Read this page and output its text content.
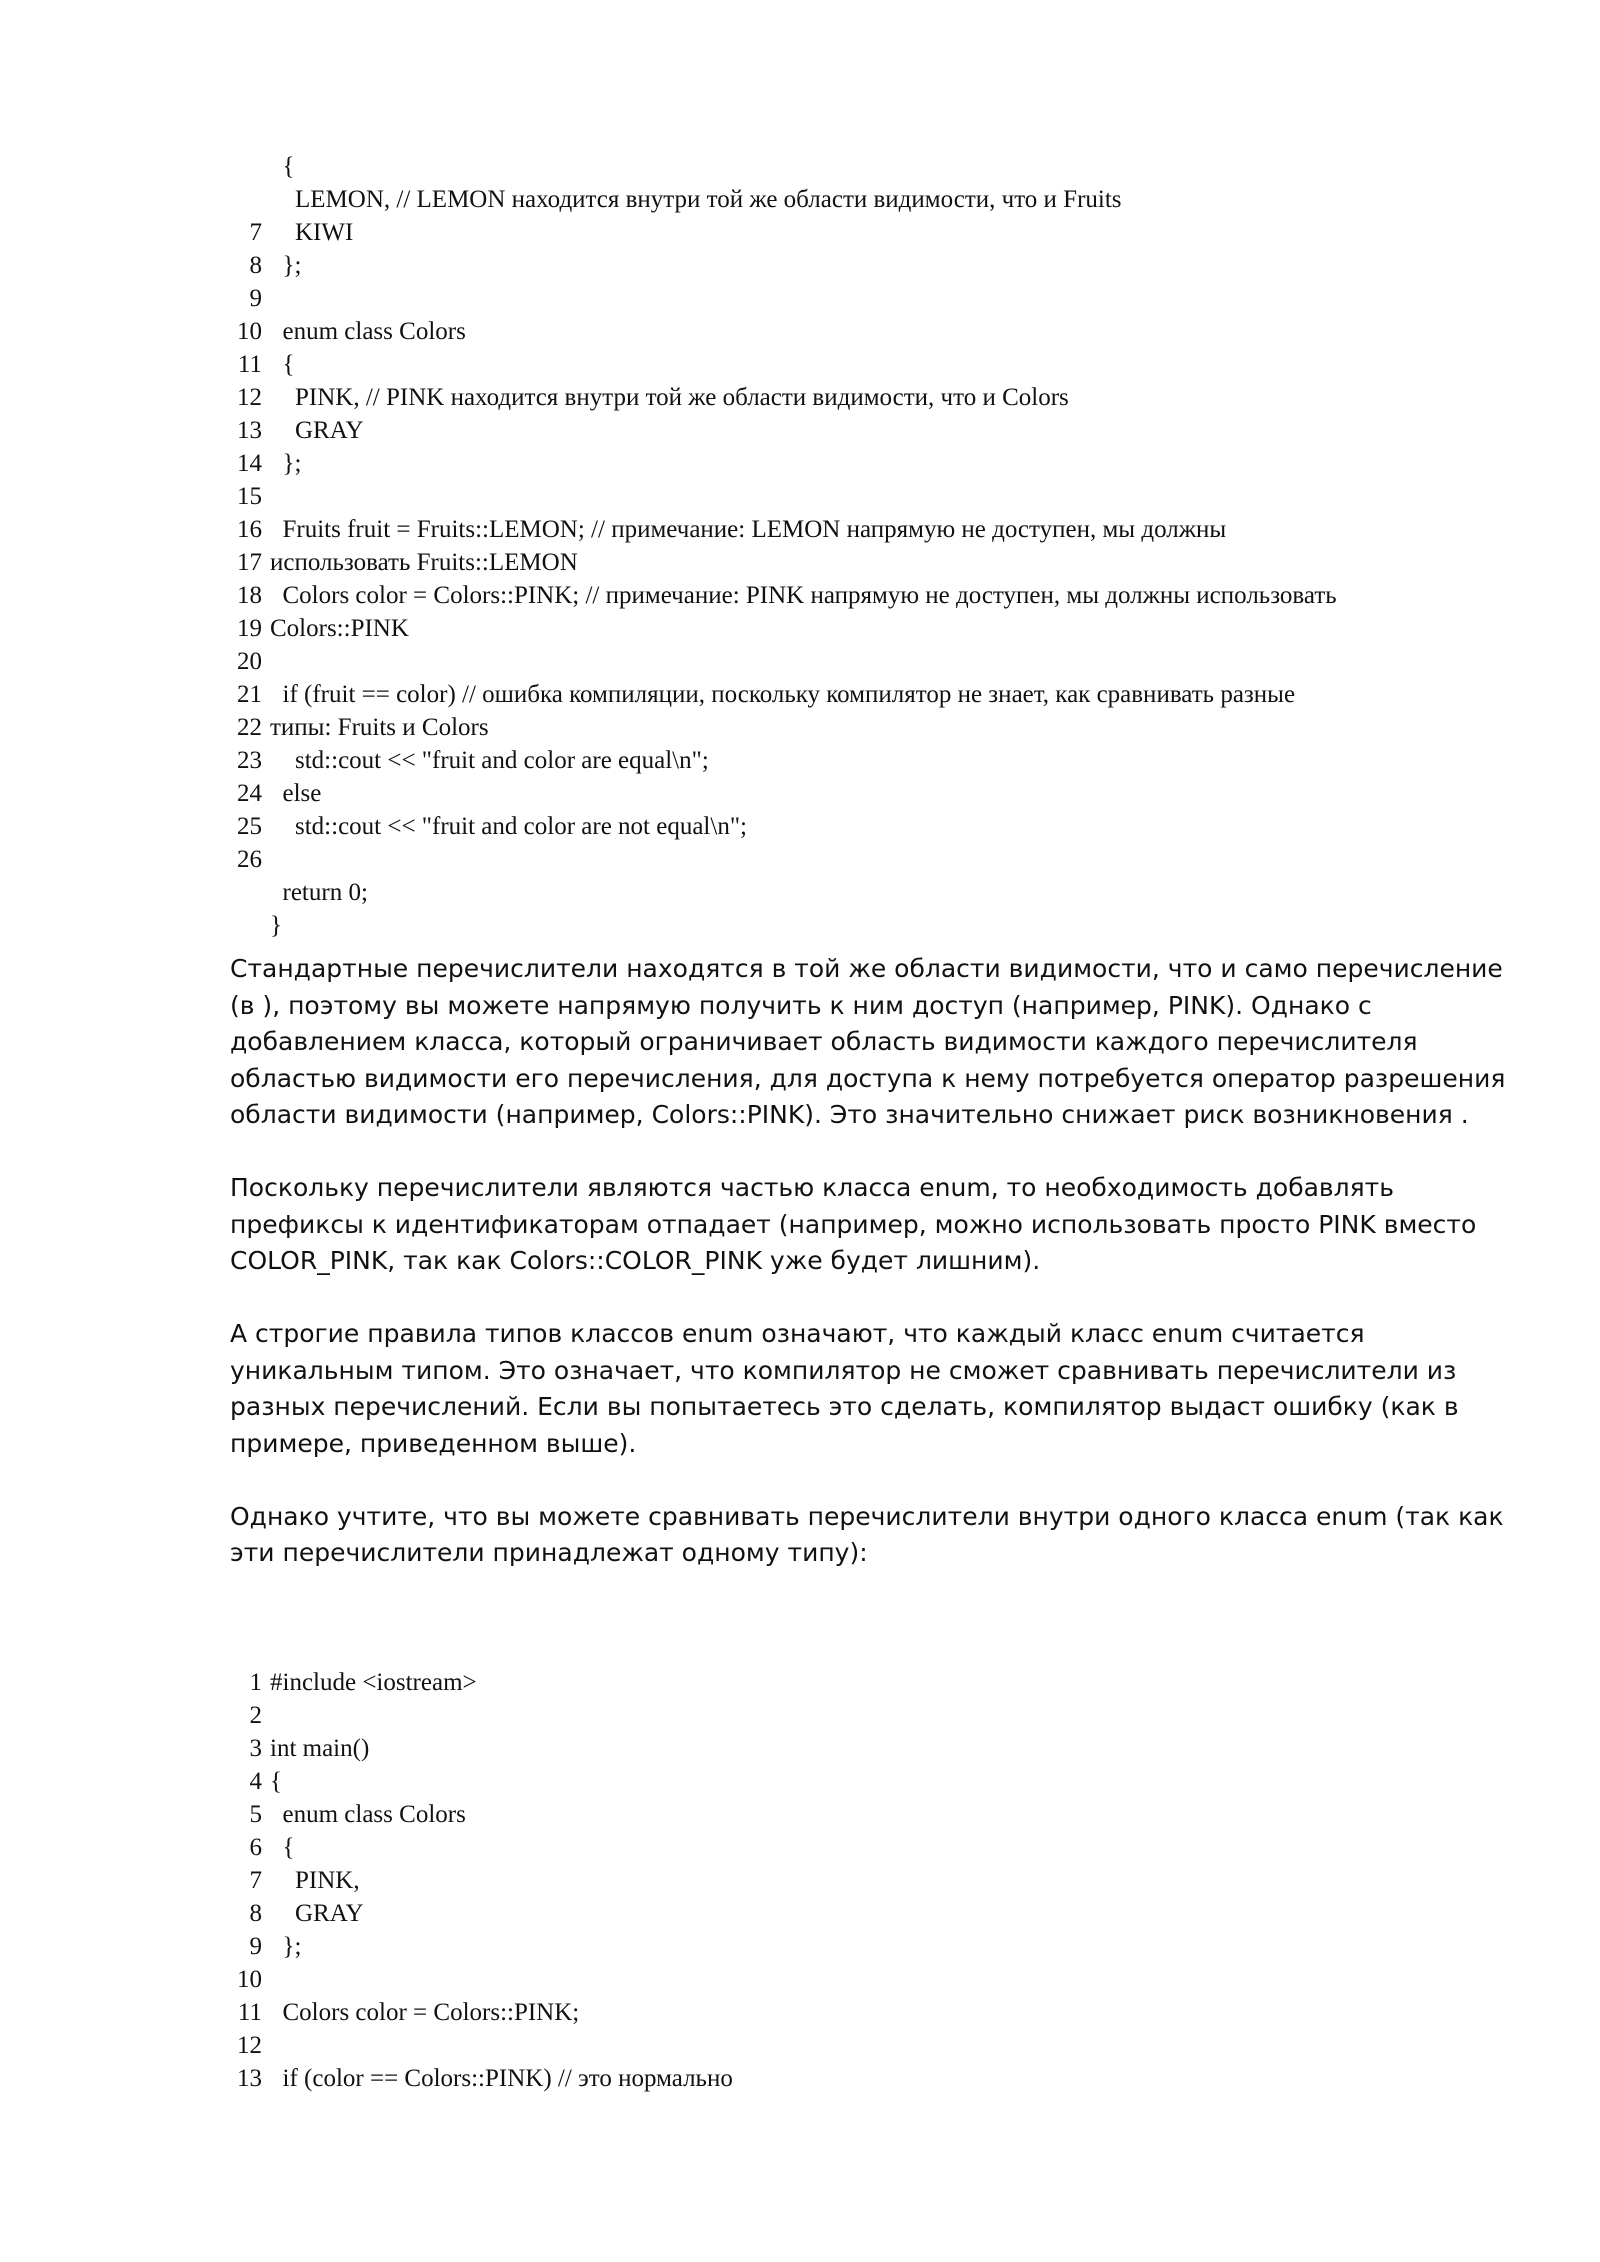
{
LEMON, // LEMON находится внутри той же области видимости, что и Fruits
7 KIWI
8 };
9
10 enum class Colors
11 {
12 PINK, // PINK находится внутри той же области видимости, что и Colors
13 GRAY
14 };
15
16 Fruits fruit = Fruits::LEMON; // примечание: LEMON напрямую не доступен, мы должны
17 использовать Fruits::LEMON
18 Colors color = Colors::PINK; // примечание: PINK напрямую не доступен, мы должны использовать
19 Colors::PINK
20
21 if (fruit == color) // ошибка компиляции, поскольку компилятор не знает, как сравнивать разные
22 типы: Fruits и Colors
23 std::cout << "fruit and color are equal\n";
24 else
25 std::cout << "fruit and color are not equal\n";
26
return 0;
}

Стандартные перечислители находятся в той же области видимости, что и само перечисление (в ), поэтому вы можете напрямую получить к ним доступ (например, PINK). Однако с добавлением класса, который ограничивает область видимости каждого перечислителя областью видимости его перечисления, для доступа к нему потребуется оператор разрешения области видимости (например, Colors::PINK). Это значительно снижает риск возникновения .

Поскольку перечислители являются частью класса enum, то необходимость добавлять префиксы к идентификаторам отпадает (например, можно использовать просто PINK вместо COLOR_PINK, так как Colors::COLOR_PINK уже будет лишним).

А строгие правила типов классов enum означают, что каждый класс enum считается уникальным типом. Это означает, что компилятор не сможет сравнивать перечислители из разных перечислений. Если вы попытаетесь это сделать, компилятор выдаст ошибку (как в примере, приведенном выше).

Однако учтите, что вы можете сравнивать перечислители внутри одного класса enum (так как эти перечислители принадлежат одному типу):

1 #include <iostream>
2
3 int main()
4 {
5 enum class Colors
6 {
7 PINK,
8 GRAY
9 };
10
11 Colors color = Colors::PINK;
12
13 if (color == Colors::PINK) // это нормально
